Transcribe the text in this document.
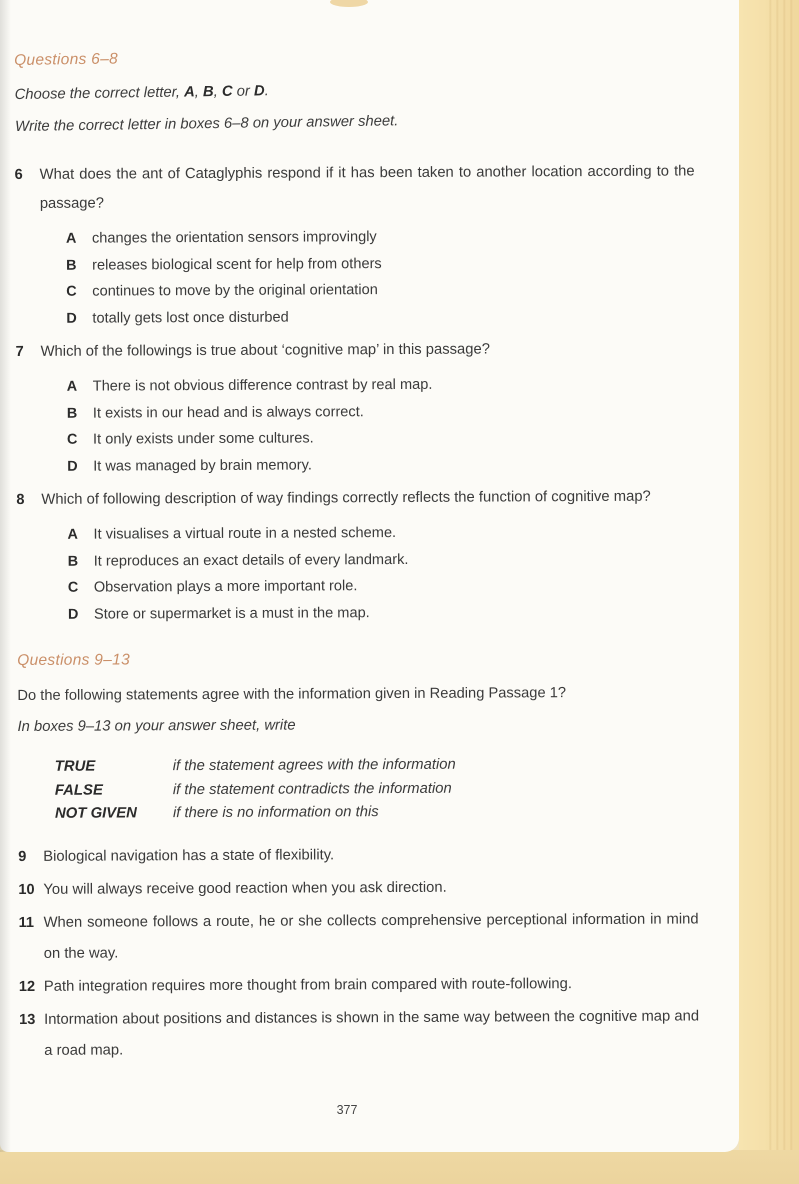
Questions 6–8

Choose the correct letter, A, B, C or D.

Write the correct letter in boxes 6–8 on your answer sheet.

6	What does the ant of Cataglyphis respond if it has been taken to another location according to the passage?
A	changes the orientation sensors improvingly
B	releases biological scent for help from others
C	continues to move by the original orientation
D	totally gets lost once disturbed
7	Which of the followings is true about ‘cognitive map’ in this passage?
A	There is not obvious difference contrast by real map.
B	It exists in our head and is always correct.
C	It only exists under some cultures.
D	It was managed by brain memory.
8	Which of following description of way findings correctly reflects the function of cognitive map?
A	It visualises a virtual route in a nested scheme.
B	It reproduces an exact details of every landmark.
C	Observation plays a more important role.
D	Store or supermarket is a must in the map.
Questions 9–13

Do the following statements agree with the information given in Reading Passage 1?

In boxes 9–13 on your answer sheet, write

TRUE	if the statement agrees with the information
FALSE	if the statement contradicts the information
NOT GIVEN	if there is no information on this
9	Biological navigation has a state of flexibility.
10 You will always receive good reaction when you ask direction.
11 When someone follows a route, he or she collects comprehensive perceptional information in mind on the way.
12 Path integration requires more thought from brain compared with route-following.
13 Intormation about positions and distances is shown in the same way between the cognitive map and a road map.
377
